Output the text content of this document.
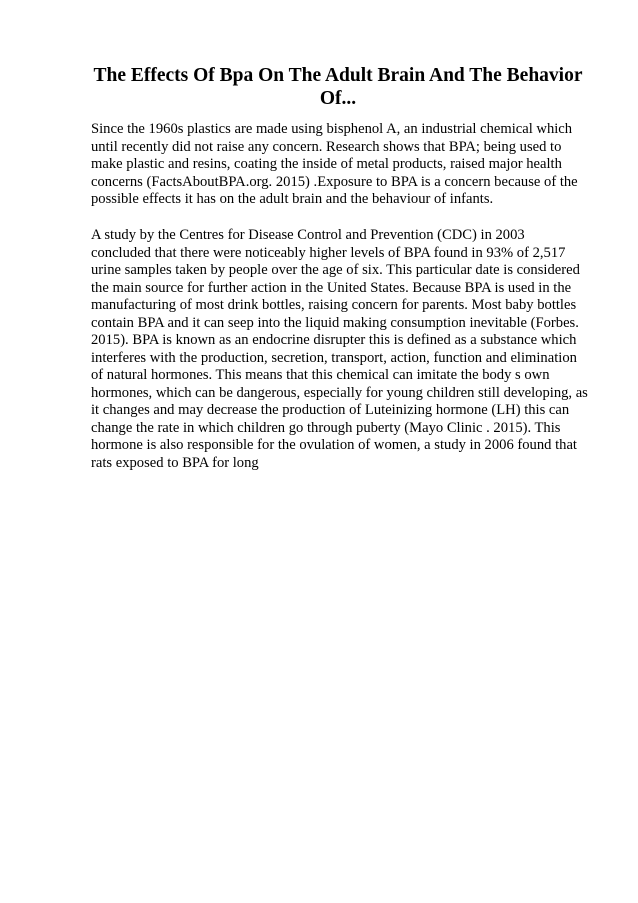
The Effects Of Bpa On The Adult Brain And The Behavior
Of...

Since the 1960s plastics are made using bisphenol A, an industrial chemical which
until recently did not raise any concern. Research shows that BPA; being used to
make plastic and resins, coating the inside of metal products, raised major health
concerns (FactsAboutBPA.org. 2015) .Exposure to BPA is a concern because of the
possible effects it has on the adult brain and the behaviour of infants.

A study by the Centres for Disease Control and Prevention (CDC) in 2003
concluded that there were noticeably higher levels of BPA found in 93% of 2,517
urine samples taken by people over the age of six. This particular date is considered
the main source for further action in the United States. Because BPA is used in the
manufacturing of most drink bottles, raising concern for parents. Most baby bottles
contain BPA and it can seep into the liquid making consumption inevitable (Forbes.
2015). BPA is known as an endocrine disrupter this is defined as a substance which
interferes with the production, secretion, transport, action, function and elimination
of natural hormones. This means that this chemical can imitate the body s own
hormones, which can be dangerous, especially for young children still developing, as
it changes and may decrease the production of Luteinizing hormone (LH) this can
change the rate in which children go through puberty (Mayo Clinic . 2015). This
hormone is also responsible for the ovulation of women, a study in 2006 found that
rats exposed to BPA for long
